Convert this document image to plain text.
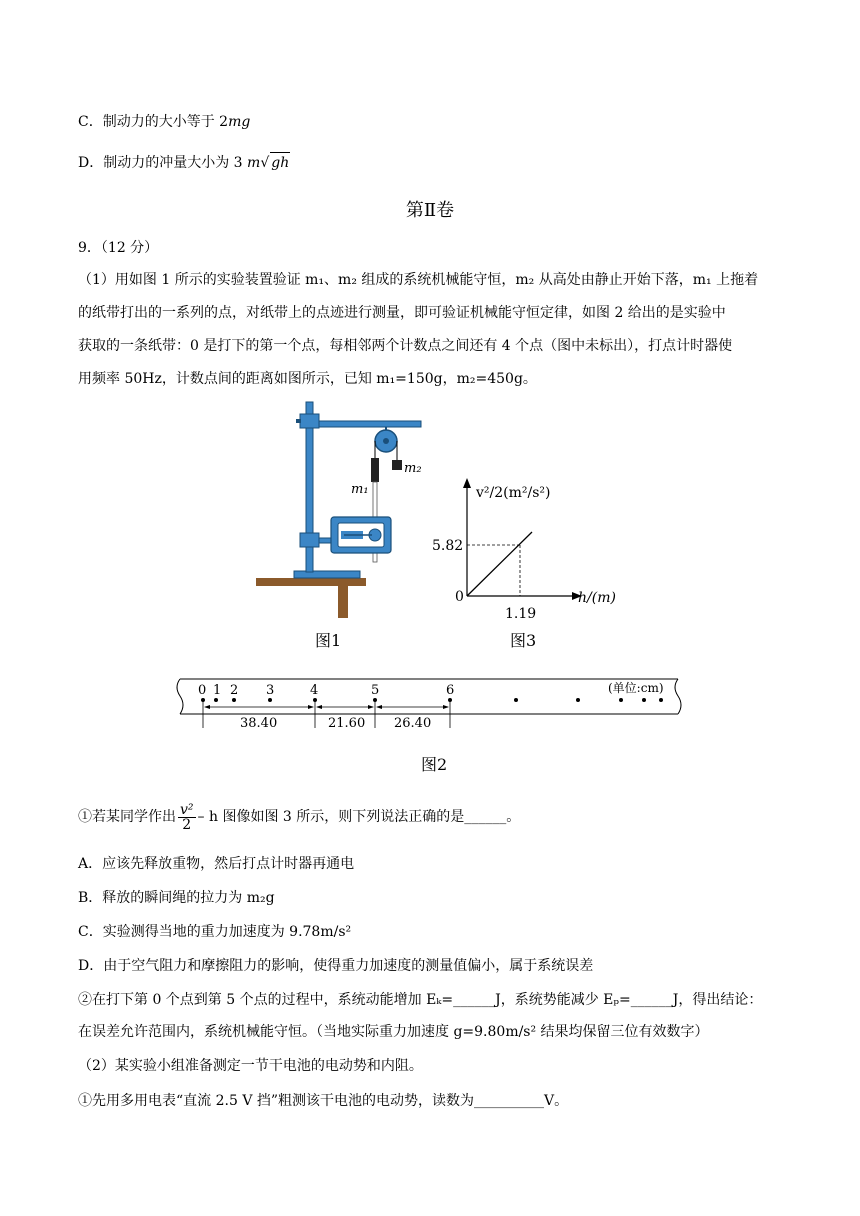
C．制动力的大小等于 2mg
D．制动力的冲量大小为 3 m√ gh
第Ⅱ卷
9．（12 分）
（1）用如图 1 所示的实验装置验证 m₁、m₂ 组成的系统机械能守恒，m₂ 从高处由静止开始下落，m₁ 上拖着
的纸带打出的一系列的点，对纸带上的点迹进行测量，即可验证机械能守恒定律，如图 2 给出的是实验中
获取的一条纸带：0 是打下的第一个点，每相邻两个计数点之间还有 4 个点（图中未标出），打点计时器使
用频率 50Hz，计数点间的距离如图所示，已知 m₁=150g，m₂=450g。
m₁
m₂
图1
v²/2(m²/s²)
h/(m)
0
5.82
1.19
图3
0 1 2 3	4	5	6	(单位:cm)
38.40	21.60 26.40
图2
①若某同学作出 $\frac{\text{v²}}{2}$ – h 图像如图 3 所示，则下列说法正确的是______。
A．应该先释放重物，然后打点计时器再通电
B．释放的瞬间绳的拉力为 m₂g
C．实验测得当地的重力加速度为 9.78m/s²
D．由于空气阻力和摩擦阻力的影响，使得重力加速度的测量值偏小，属于系统误差
②在打下第 0 个点到第 5 个点的过程中，系统动能增加 Eₖ=______J，系统势能减少 Eₚ=______J，得出结论：
在误差允许范围内，系统机械能守恒。（当地实际重力加速度 g=9.80m/s² 结果均保留三位有效数字）
（2）某实验小组准备测定一节干电池的电动势和内阻。
①先用多用电表“直流 2.5 V 挡”粗测该干电池的电动势，读数为__________V。
